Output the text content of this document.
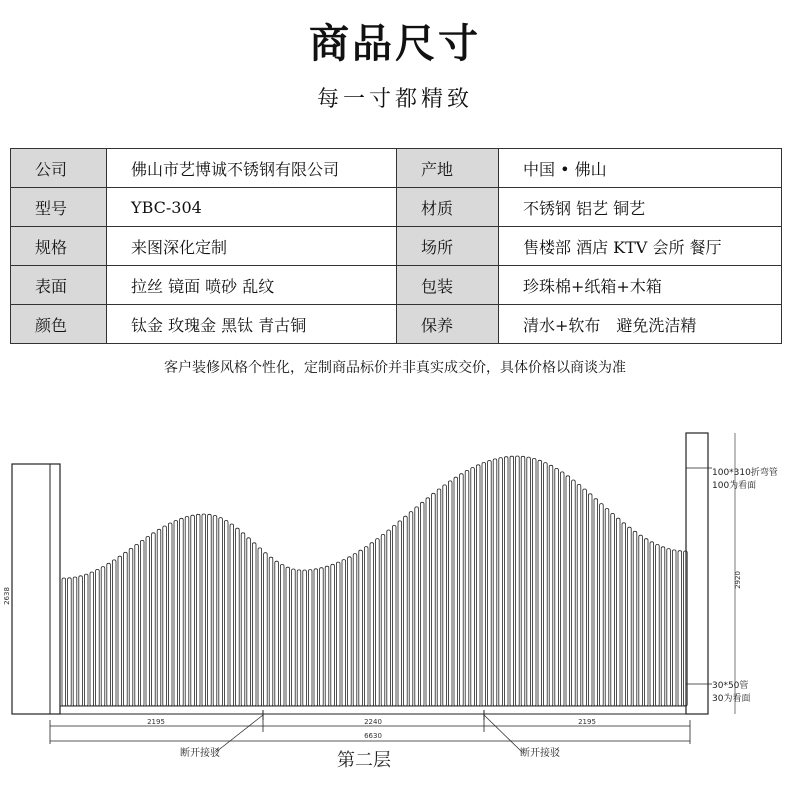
商品尺寸
每一寸都精致
公司	佛山市艺博诚不锈钢有限公司	产地	中国 • 佛山
型号	YBC-304	材质	不锈钢 铝艺 铜艺
规格	来图深化定制	场所	售楼部 酒店 KTV 会所 餐厅
表面	拉丝 镜面 喷砂 乱纹	包装	珍珠棉+纸箱+木箱
颜色	钛金 玫瑰金 黑钛 青古铜	保养	清水+软布　避免洗洁精
客户装修风格个性化，定制商品标价并非真实成交价，具体价格以商谈为准
2195	2240	2195
6630
2638
2920
100*310折弯管
100为看面
30*50管
30为看面
断开接驳	断开接驳
第二层
